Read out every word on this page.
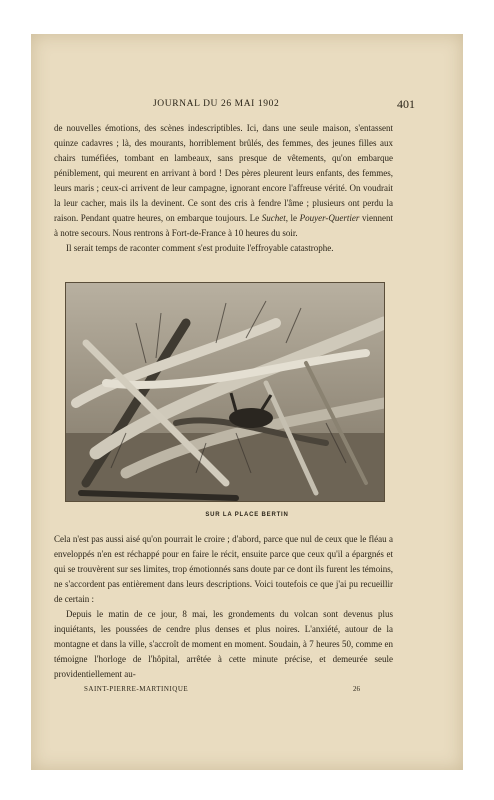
JOURNAL DU 26 MAI 1902	401

de nouvelles émotions, des scènes indescriptibles. Ici, dans une seule maison, s'entassent quinze cadavres ; là, des mourants, horriblement brûlés, des femmes, des jeunes filles aux chairs tuméfiées, tombant en lambeaux, sans presque de vêtements, qu'on embarque péniblement, qui meurent en arrivant à bord ! Des pères pleurent leurs enfants, des femmes, leurs maris ; ceux-ci arrivent de leur campagne, ignorant encore l'affreuse vérité. On voudrait la leur cacher, mais ils la devinent. Ce sont des cris à fendre l'âme ; plusieurs ont perdu la raison. Pendant quatre heures, on embarque toujours. Le Suchet, le Pouyer-Quertier viennent à notre secours. Nous rentrons à Fort-de-France à 10 heures du soir.

Il serait temps de raconter comment s'est produite l'effroyable catastrophe.

SUR LA PLACE BERTIN

Cela n'est pas aussi aisé qu'on pourrait le croire ; d'abord, parce que nul de ceux que le fléau a enveloppés n'en est réchappé pour en faire le récit, ensuite parce que ceux qu'il a épargnés et qui se trouvèrent sur ses limites, trop émotionnés sans doute par ce dont ils furent les témoins, ne s'accordent pas entièrement dans leurs descriptions. Voici toutefois ce que j'ai pu recueillir de certain :

Depuis le matin de ce jour, 8 mai, les grondements du volcan sont devenus plus inquiétants, les poussées de cendre plus denses et plus noires. L'anxiété, autour de la montagne et dans la ville, s'accroît de moment en moment. Soudain, à 7 heures 50, comme en témoigne l'horloge de l'hôpital, arrêtée à cette minute précise, et demeurée seule providentiellement au-

SAINT-PIERRE-MARTINIQUE	26
